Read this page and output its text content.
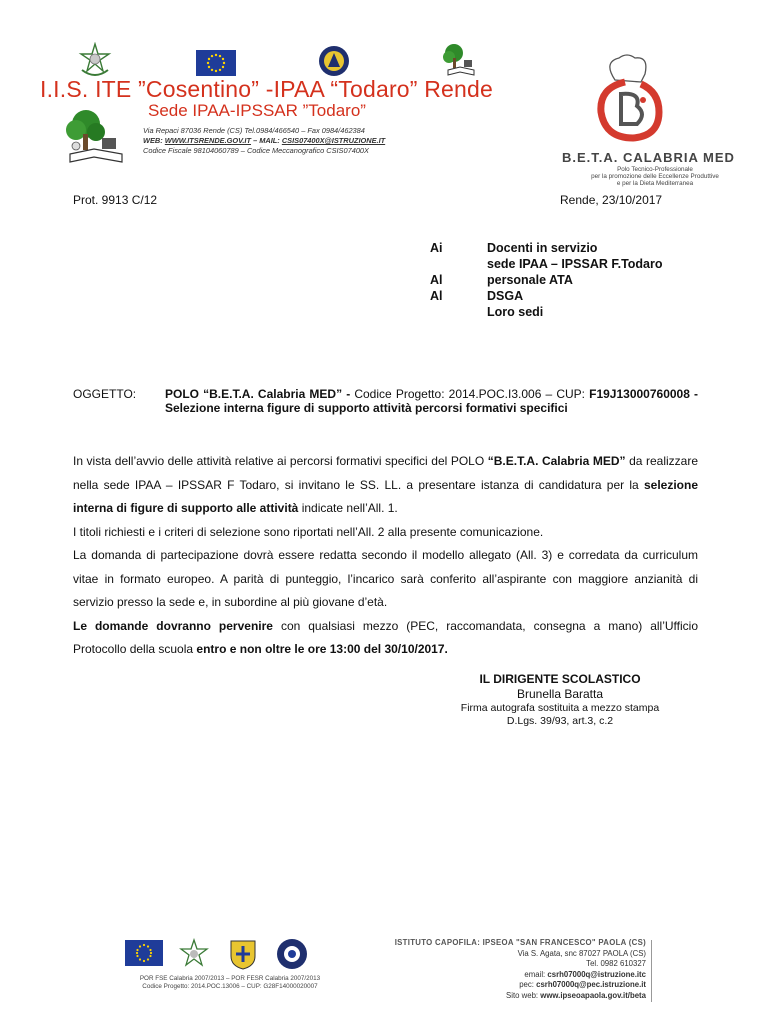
I.I.S. ITE ”Cosentino” -IPAA “Todaro” Rende
Sede IPAA-IPSSAR ”Todaro”
Via Repaci 87036 Rende (CS) Tel.0984/466540 – Fax 0984/462384
WEB: WWW.ITSRENDE.GOV.IT – MAIL: CSIS07400X@ISTRUZIONE.IT
Codice Fiscale 98104060789 – Codice Meccanografico CSIS07400X	B.E.T.A. CALABRIA MED
Polo Tecnico-Professionale
per la promozione delle Eccellenze Produttive
e per la Dieta Mediterranea
Prot. 9913 C/12	Rende, 23/10/2017
Ai	Docenti in servizio
sede IPAA – IPSSAR F.Todaro
Al	personale ATA
Al	DSGA
Loro sedi
OGGETTO: POLO “B.E.T.A. Calabria MED” - Codice Progetto: 2014.POC.I3.006 – CUP: F19J13000760008 - Selezione interna figure di supporto attività percorsi formativi specifici

In vista dell’avvio delle attività relative ai percorsi formativi specifici del POLO “B.E.T.A. Calabria MED” da realizzare nella sede IPAA – IPSSAR F Todaro, si invitano le SS. LL. a presentare istanza di candidatura per la selezione interna di figure di supporto alle attività indicate nell’All. 1.

I titoli richiesti e i criteri di selezione sono riportati nell’All. 2 alla presente comunicazione.

La domanda di partecipazione dovrà essere redatta secondo il modello allegato (All. 3) e corredata da curriculum vitae in formato europeo. A parità di punteggio, l’incarico sarà conferito all’aspirante con maggiore anzianità di servizio presso la sede e, in subordine al più giovane d’età.

Le domande dovranno pervenire con qualsiasi mezzo (PEC, raccomandata, consegna a mano) all’Ufficio Protocollo della scuola entro e non oltre le ore 13:00 del 30/10/2017.

IL DIRIGENTE SCOLASTICO
Brunella Baratta
Firma autografa sostituita a mezzo stampa
D.Lgs. 39/93, art.3, c.2
POR FSE Calabria 2007/2013 – POR FESR Calabria 2007/2013
Codice Progetto: 2014.POC.13006 – CUP: G28F14000020007
ISTITUTO CAPOFILA: IPSEOA "SAN FRANCESCO" PAOLA (CS)
Via S. Agata, snc 87027 PAOLA (CS)
Tel. 0982 610327
email: csrh07000q@istruzione.itc
pec: csrh07000q@pec.istruzione.it
Sito web: www.ipseoapaola.gov.it/beta
